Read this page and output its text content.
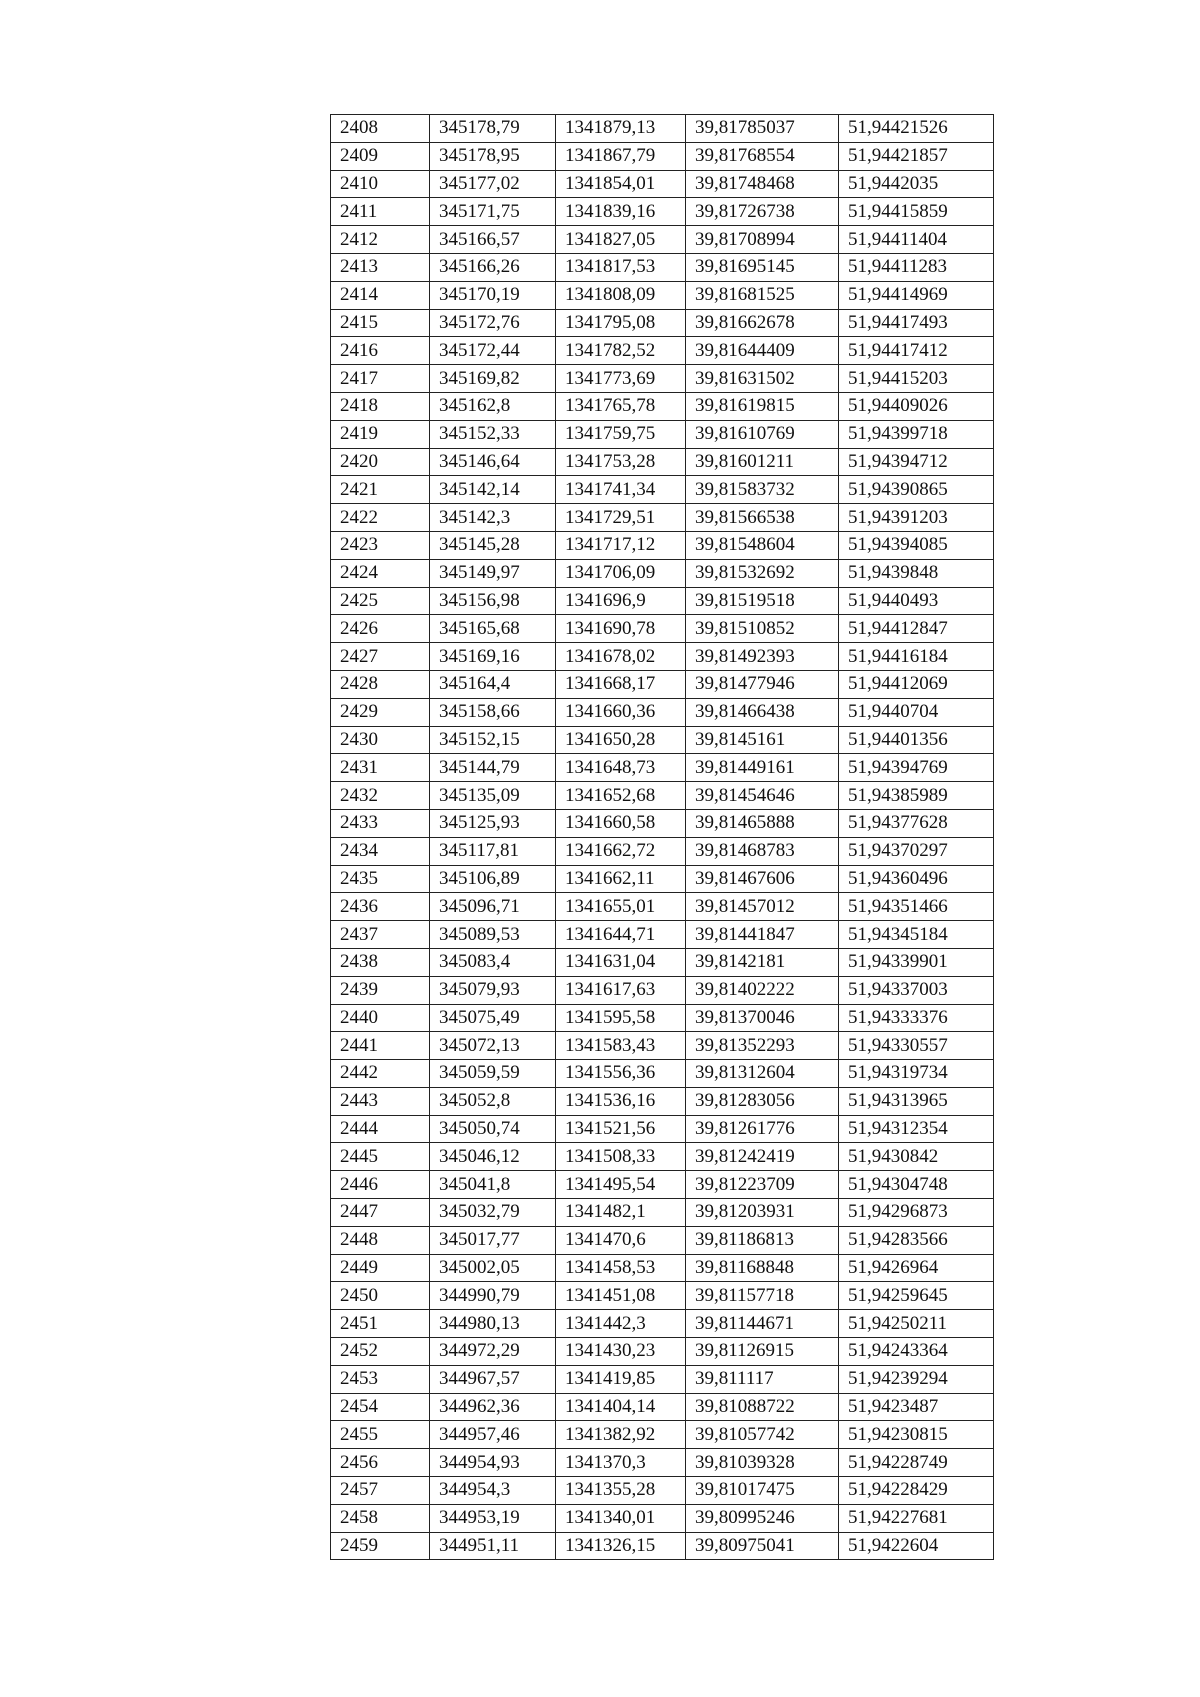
2408	345178,79	1341879,13	39,81785037	51,94421526
2409	345178,95	1341867,79	39,81768554	51,94421857
2410	345177,02	1341854,01	39,81748468	51,9442035
2411	345171,75	1341839,16	39,81726738	51,94415859
2412	345166,57	1341827,05	39,81708994	51,94411404
2413	345166,26	1341817,53	39,81695145	51,94411283
2414	345170,19	1341808,09	39,81681525	51,94414969
2415	345172,76	1341795,08	39,81662678	51,94417493
2416	345172,44	1341782,52	39,81644409	51,94417412
2417	345169,82	1341773,69	39,81631502	51,94415203
2418	345162,8	1341765,78	39,81619815	51,94409026
2419	345152,33	1341759,75	39,81610769	51,94399718
2420	345146,64	1341753,28	39,81601211	51,94394712
2421	345142,14	1341741,34	39,81583732	51,94390865
2422	345142,3	1341729,51	39,81566538	51,94391203
2423	345145,28	1341717,12	39,81548604	51,94394085
2424	345149,97	1341706,09	39,81532692	51,9439848
2425	345156,98	1341696,9	39,81519518	51,9440493
2426	345165,68	1341690,78	39,81510852	51,94412847
2427	345169,16	1341678,02	39,81492393	51,94416184
2428	345164,4	1341668,17	39,81477946	51,94412069
2429	345158,66	1341660,36	39,81466438	51,9440704
2430	345152,15	1341650,28	39,8145161	51,94401356
2431	345144,79	1341648,73	39,81449161	51,94394769
2432	345135,09	1341652,68	39,81454646	51,94385989
2433	345125,93	1341660,58	39,81465888	51,94377628
2434	345117,81	1341662,72	39,81468783	51,94370297
2435	345106,89	1341662,11	39,81467606	51,94360496
2436	345096,71	1341655,01	39,81457012	51,94351466
2437	345089,53	1341644,71	39,81441847	51,94345184
2438	345083,4	1341631,04	39,8142181	51,94339901
2439	345079,93	1341617,63	39,81402222	51,94337003
2440	345075,49	1341595,58	39,81370046	51,94333376
2441	345072,13	1341583,43	39,81352293	51,94330557
2442	345059,59	1341556,36	39,81312604	51,94319734
2443	345052,8	1341536,16	39,81283056	51,94313965
2444	345050,74	1341521,56	39,81261776	51,94312354
2445	345046,12	1341508,33	39,81242419	51,9430842
2446	345041,8	1341495,54	39,81223709	51,94304748
2447	345032,79	1341482,1	39,81203931	51,94296873
2448	345017,77	1341470,6	39,81186813	51,94283566
2449	345002,05	1341458,53	39,81168848	51,9426964
2450	344990,79	1341451,08	39,81157718	51,94259645
2451	344980,13	1341442,3	39,81144671	51,94250211
2452	344972,29	1341430,23	39,81126915	51,94243364
2453	344967,57	1341419,85	39,811117	51,94239294
2454	344962,36	1341404,14	39,81088722	51,9423487
2455	344957,46	1341382,92	39,81057742	51,94230815
2456	344954,93	1341370,3	39,81039328	51,94228749
2457	344954,3	1341355,28	39,81017475	51,94228429
2458	344953,19	1341340,01	39,80995246	51,94227681
2459	344951,11	1341326,15	39,80975041	51,9422604
